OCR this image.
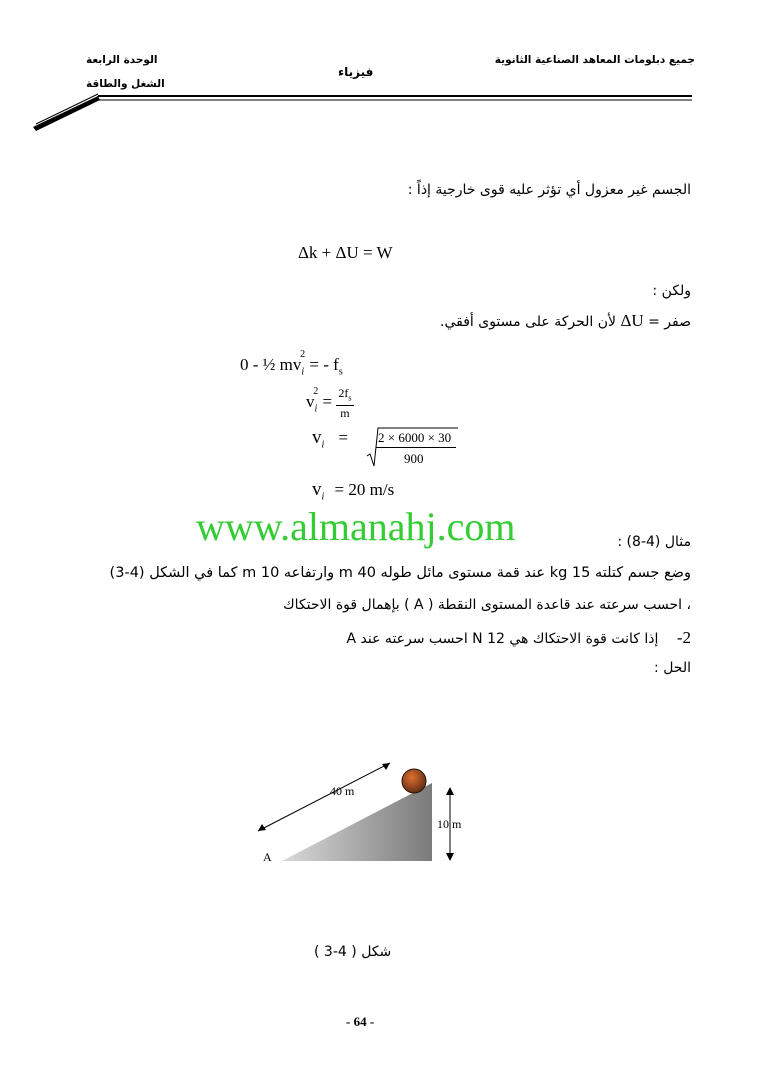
جميع دبلومات المعاهد الصناعية الثانوية
فيزياء
الوحدة الرابعة
الشغل والطاقة
الجسم غير معزول أي تؤثر عليه قوى خارجية إذاً :
Δk + ΔU = W
ولكن :
صفر = ΔU لأن الحركة على مستوى أفقي.
0 - ½ $mv_i^2$ = - $f_s$
$v_i^2 = \frac{2f_s}{m}$
$v_i = 2 \times 6000 \times 30$
900
$v_i = 20$ m/s
www.almanahj.com	مثال (4-8) :
وضع جسم كتلته 15 kg عند قمة مستوى مائل طوله 40 m وارتفاعه 10 m كما في الشكل (4-3)
، احسب سرعته عند قاعدة المستوى النقطة ( A ) بإهمال قوة الاحتكاك
2- إذا كانت قوة الاحتكاك هي 12 N احسب سرعته عند A
الحل :
40 m
10 m
A
شكل ( 4-3 )
- 64 -
